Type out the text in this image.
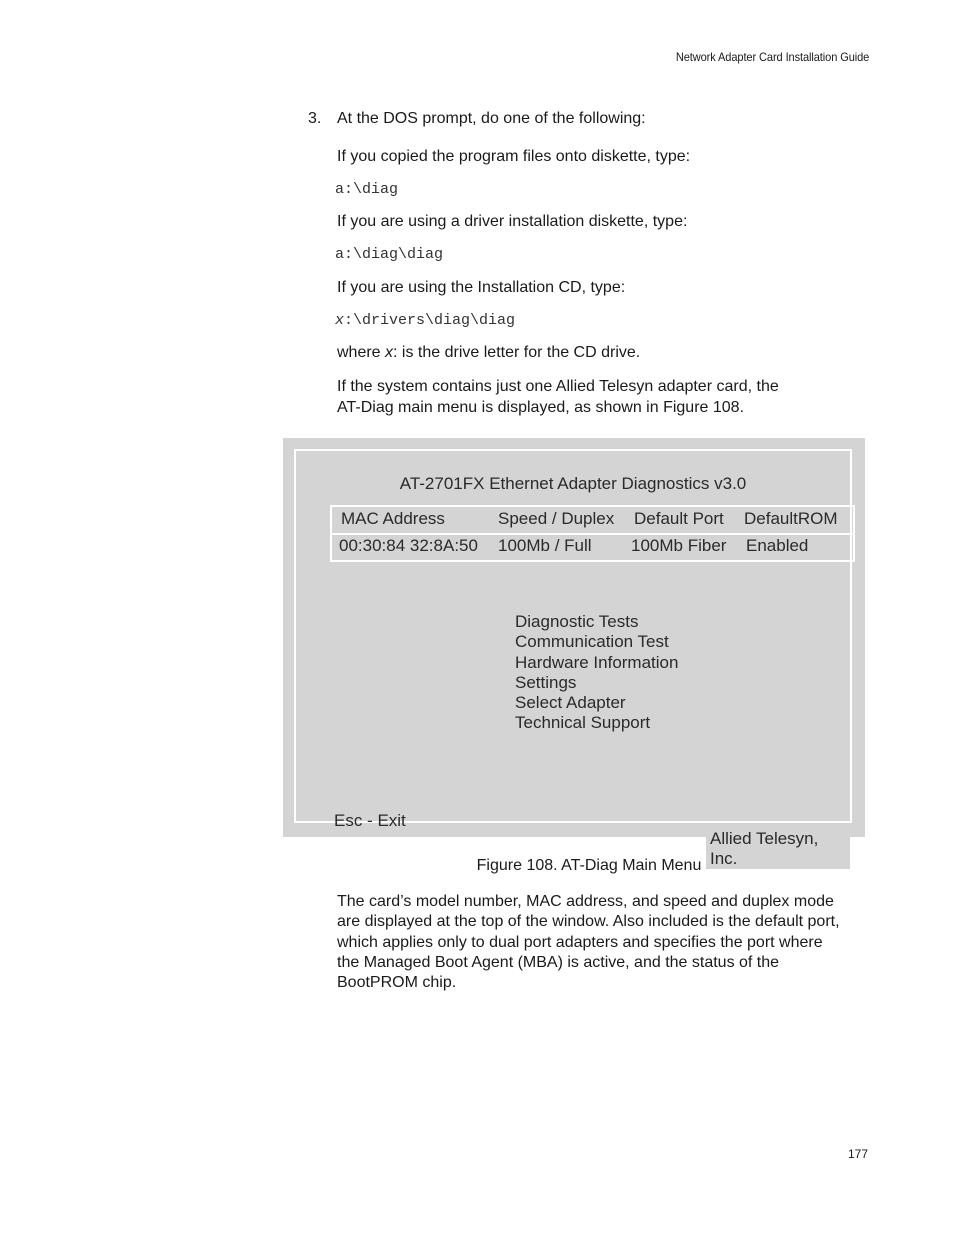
Network Adapter Card Installation Guide
3. At the DOS prompt, do one of the following:
If you copied the program files onto diskette, type:
a:\diag
If you are using a driver installation diskette, type:
a:\diag\diag
If you are using the Installation CD, type:
x:\drivers\diag\diag
where x: is the drive letter for the CD drive.
If the system contains just one Allied Telesyn adapter card, the
AT-Diag main menu is displayed, as shown in Figure 108.
AT-2701FX Ethernet Adapter Diagnostics v3.0
MAC Address	Speed / Duplex Default Port DefaultROM
00:30:84 32:8A:50 100Mb / Full 100Mb Fiber Enabled
Diagnostic Tests
Communication Test
Hardware Information
Settings
Select Adapter
Technical Support
Esc - Exit
Allied Telesyn, Inc.
Figure 108. AT-Diag Main Menu
The card’s model number, MAC address, and speed and duplex mode
are displayed at the top of the window. Also included is the default port,
which applies only to dual port adapters and specifies the port where
the Managed Boot Agent (MBA) is active, and the status of the
BootPROM chip.
177
